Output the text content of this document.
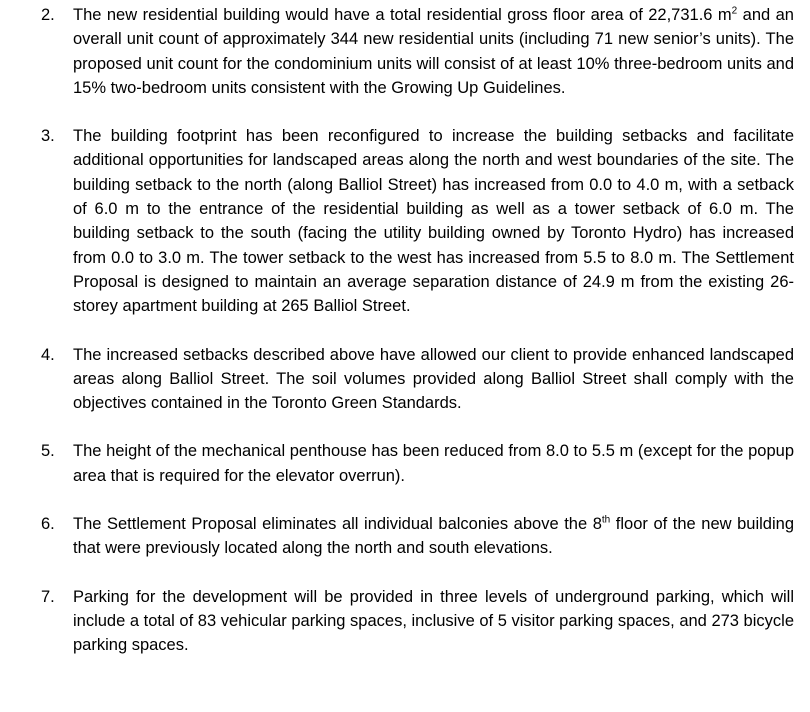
2. The new residential building would have a total residential gross floor area of 22,731.6 $m^2$ and an overall unit count of approximately 344 new residential units (including 71 new senior’s units). The proposed unit count for the condominium units will consist of at least 10% three-bedroom units and 15% two-bedroom units consistent with the Growing Up Guidelines.

3. The building footprint has been reconfigured to increase the building setbacks and facilitate additional opportunities for landscaped areas along the north and west boundaries of the site. The building setback to the north (along Balliol Street) has increased from 0.0 to 4.0 m, with a setback of 6.0 m to the entrance of the residential building as well as a tower setback of 6.0 m. The building setback to the south (facing the utility building owned by Toronto Hydro) has increased from 0.0 to 3.0 m. The tower setback to the west has increased from 5.5 to 8.0 m. The Settlement Proposal is designed to maintain an average separation distance of 24.9 m from the existing 26-storey apartment building at 265 Balliol Street.

4. The increased setbacks described above have allowed our client to provide enhanced landscaped areas along Balliol Street. The soil volumes provided along Balliol Street shall comply with the objectives contained in the Toronto Green Standards.

5. The height of the mechanical penthouse has been reduced from 8.0 to 5.5 m (except for the popup area that is required for the elevator overrun).

6. The Settlement Proposal eliminates all individual balconies above the 8th floor of the new building that were previously located along the north and south elevations.

7. Parking for the development will be provided in three levels of underground parking, which will include a total of 83 vehicular parking spaces, inclusive of 5 visitor parking spaces, and 273 bicycle parking spaces.
